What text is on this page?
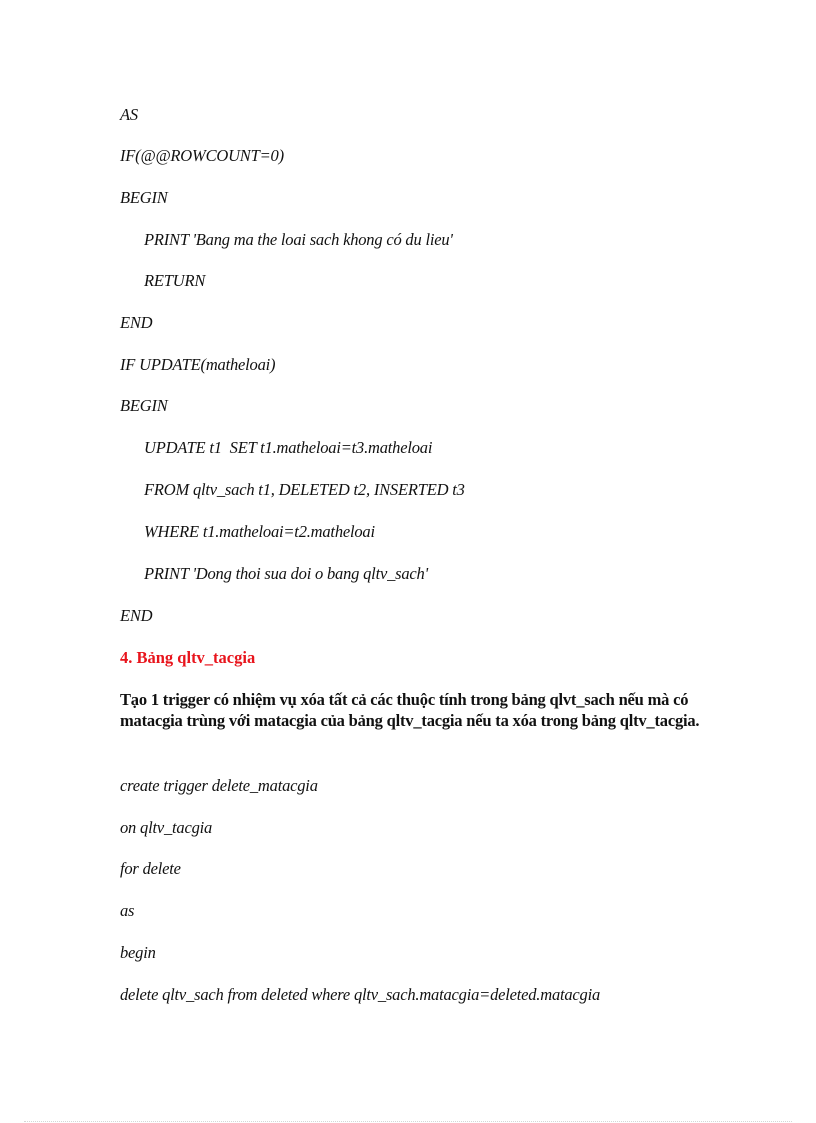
AS
IF(@@ROWCOUNT=0)
BEGIN
PRINT 'Bang ma the loai sach khong có du lieu'
RETURN
END
IF UPDATE(matheloai)
BEGIN
UPDATE t1  SET t1.matheloai=t3.matheloai
FROM qltv_sach t1, DELETED t2, INSERTED t3
WHERE t1.matheloai=t2.matheloai
PRINT 'Dong thoi sua doi o bang qltv_sach'
END
4. Bảng qltv_tacgia
Tạo 1 trigger có nhiệm vụ xóa tất cả các thuộc tính trong bảng qlvt_sach nếu mà có matacgia trùng với matacgia của bảng qltv_tacgia nếu ta xóa trong bảng qltv_tacgia.
create trigger delete_matacgia
on qltv_tacgia
for delete
as
begin
delete qltv_sach from deleted where qltv_sach.matacgia=deleted.matacgia
